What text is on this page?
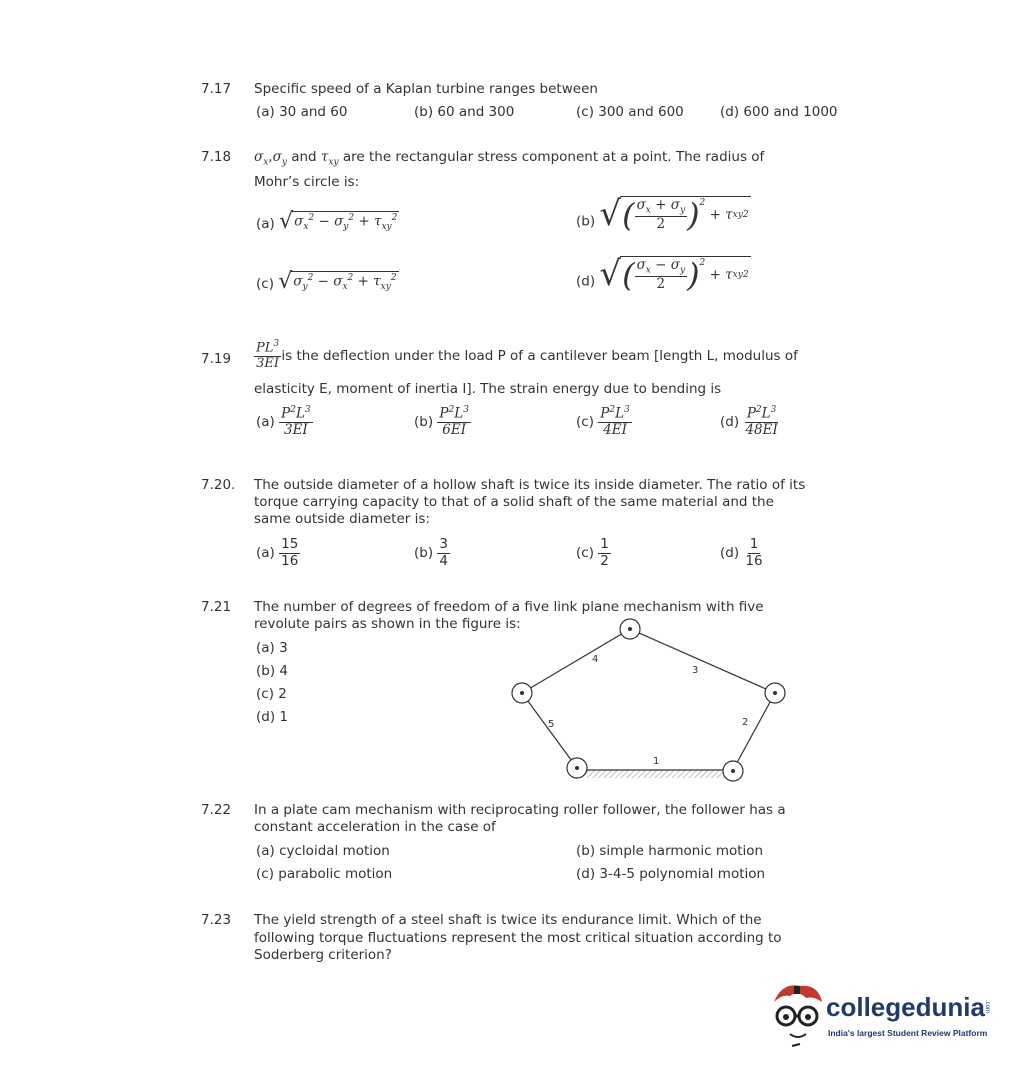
7.17 Specific speed of a Kaplan turbine ranges between
(a) 30 and 60	(b) 60 and 300	(c) 300 and 600	(d) 600 and 1000
7.18 $\sigma_x,\sigma_y$ and $\tau_{xy}$ are the rectangular stress component at a point. The radius of
Mohr’s circle is:
(a) √ $\sigma_x^2 - \sigma_y^2 + \tau_{xy}^2$	(b) √ ( $\frac{\sigma_x + \sigma_y}{2} )^2$
+ τ xy 2
(c) √ $\sigma_y^2 - \sigma_x^2 + \tau_{xy}^2$	(d) √ ( $\frac{\sigma_x - \sigma_y}{2} )^2$
+ τ xy 2
$7.19 \frac{PL^3}{3EI}$ is the deflection under the load P of a cantilever beam [length L, modulus of
elasticity E, moment of inertia I]. The strain energy due to bending is
$(a) \frac{P^2L^3}{3EI}$	$(b) \frac{P^2L^3}{6EI}$	$(c) \frac{P^2L^3}{4EI}$	$(d) \frac{P^2L^3}{48EI}$
7.20. The outside diameter of a hollow shaft is twice its inside diameter. The ratio of its
torque carrying capacity to that of a solid shaft of the same material and the
same outside diameter is:
$(a) \frac{15}{16}$	$(b) \frac{3}{4}$	$(c) \frac{1}{2}$	$(d) \frac{1}{16}$
7.21 The number of degrees of freedom of a five link plane mechanism with five
revolute pairs as shown in the figure is:
(a) 3
(b) 4
(c) 2
(d) 1
1
2
3
4
5
7.22 In a plate cam mechanism with reciprocating roller follower, the follower has a
constant acceleration in the case of
(a) cycloidal motion	(b) simple harmonic motion
(c) parabolic motion	(d) 3-4-5 polynomial motion
7.23 The yield strength of a steel shaft is twice its endurance limit. Which of the
following torque fluctuations represent the most critical situation according to
Soderberg criterion?
collegedunia .com
India's largest Student Review Platform
